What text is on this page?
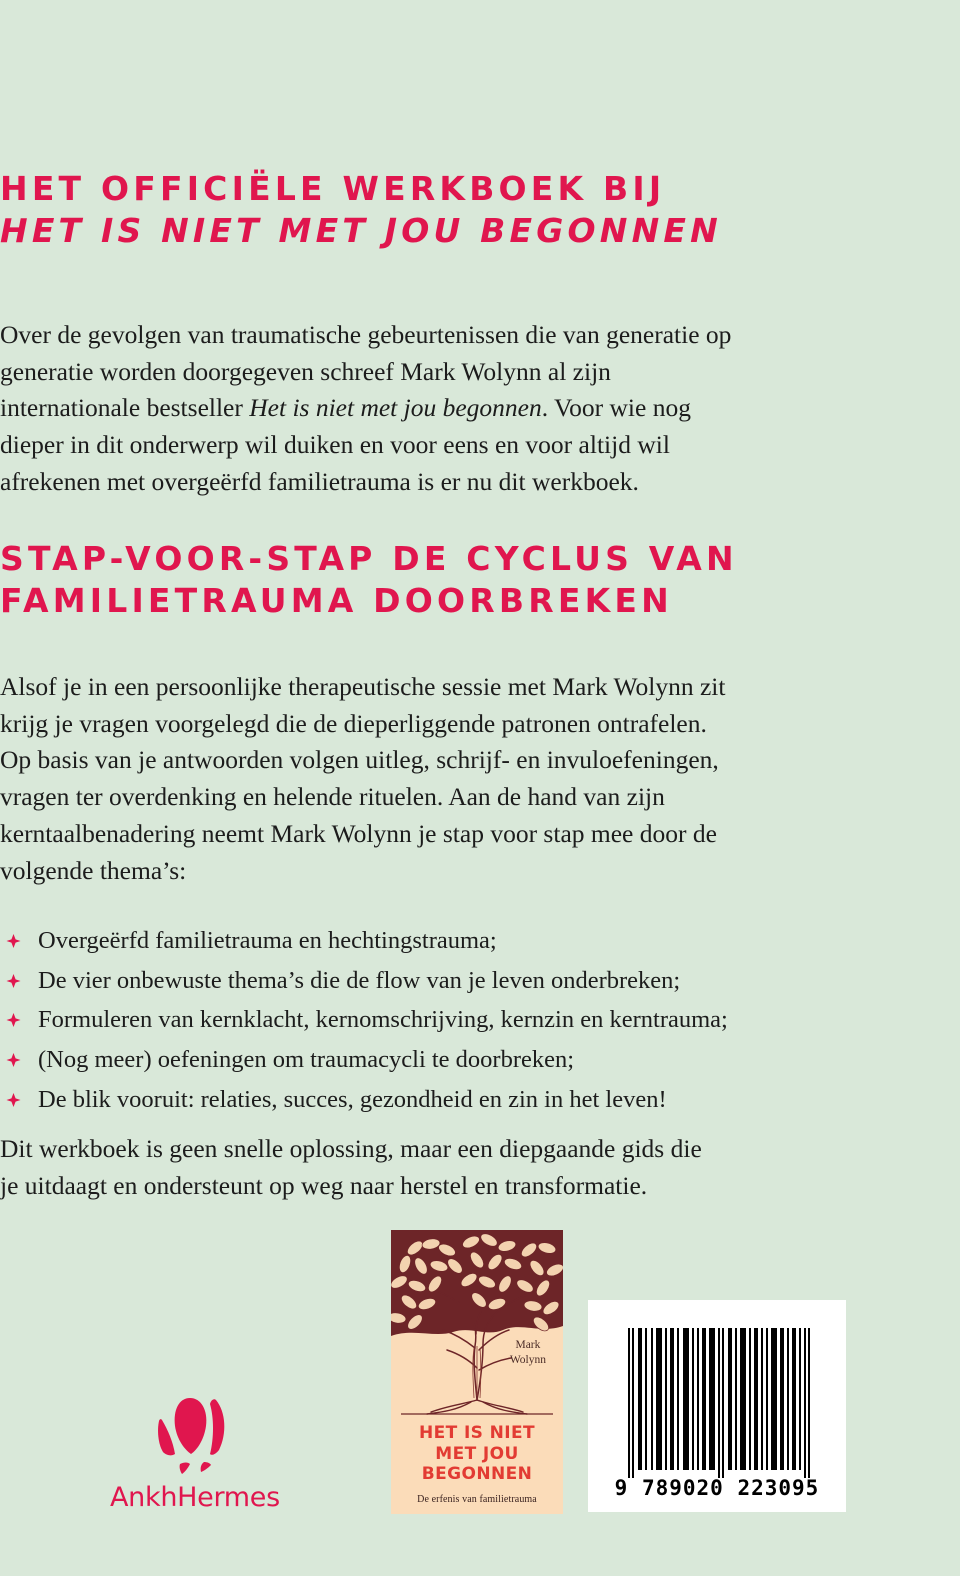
HET OFFICIËLE WERKBOEK BIJ
HET IS NIET MET JOU BEGONNEN

Over de gevolgen van traumatische gebeurtenissen die van generatie op generatie worden doorgegeven schreef Mark Wolynn al zijn internationale bestseller Het is niet met jou begonnen. Voor wie nog dieper in dit onderwerp wil duiken en voor eens en voor altijd wil afrekenen met overgeërfd familietrauma is er nu dit werkboek.

STAP-VOOR-STAP DE CYCLUS VAN
FAMILIETRAUMA DOORBREKEN

Alsof je in een persoonlijke therapeutische sessie met Mark Wolynn zit krijg je vragen voorgelegd die de dieperliggende patronen ontrafelen. Op basis van je antwoorden volgen uitleg, schrijf- en invuloefeningen, vragen ter overdenking en helende rituelen. Aan de hand van zijn kerntaalbenadering neemt Mark Wolynn je stap voor stap mee door de volgende thema’s:

Overgeërfd familietrauma en hechtingstrauma;
De vier onbewuste thema’s die de flow van je leven onderbreken;
Formuleren van kernklacht, kernomschrijving, kernzin en kerntrauma;
(Nog meer) oefeningen om traumacycli te doorbreken;
De blik vooruit: relaties, succes, gezondheid en zin in het leven!

Dit werkboek is geen snelle oplossing, maar een diepgaande gids die je uitdaagt en ondersteunt op weg naar herstel en transformatie.

Mark
Wolynn
HET IS NIET
MET JOU
BEGONNEN
De erfenis van familietrauma	9 789020 223095
AnkhHermes
